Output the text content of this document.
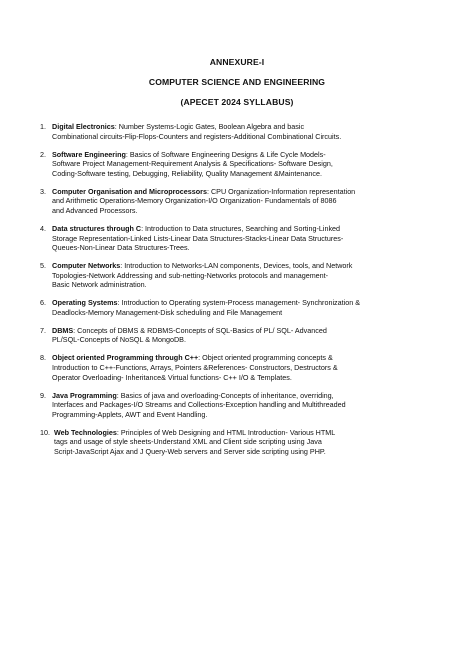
ANNEXURE-I
COMPUTER SCIENCE AND ENGINEERING
(APECET 2024 SYLLABUS)
1. Digital Electronics: Number Systems-Logic Gates, Boolean Algebra and basic
Combinational circuits-Flip-Flops-Counters and registers-Additional Combinational Circuits.
2. Software Engineering: Basics of Software Engineering Designs & Life Cycle Models-
Software Project Management-Requirement Analysis & Specifications- Software Design,
Coding-Software testing, Debugging, Reliability, Quality Management &Maintenance.
3. Computer Organisation and Microprocessors: CPU Organization-Information representation
and Arithmetic Operations-Memory Organization-I/O Organization- Fundamentals of 8086
and Advanced Processors.
4. Data structures through C: Introduction to Data structures, Searching and Sorting-Linked
Storage Representation-Linked Lists-Linear Data Structures-Stacks-Linear Data Structures-
Queues-Non-Linear Data Structures-Trees.
5. Computer Networks: Introduction to Networks-LAN components, Devices, tools, and Network
Topologies-Network Addressing and sub-netting-Networks protocols and management-
Basic Network administration.
6. Operating Systems: Introduction to Operating system-Process management- Synchronization &
Deadlocks-Memory Management-Disk scheduling and File Management
7. DBMS: Concepts of DBMS & RDBMS-Concepts of SQL-Basics of PL/ SQL- Advanced
PL/SQL-Concepts of NoSQL & MongoDB.
8. Object oriented Programming through C++: Object oriented programming concepts &
Introduction to C++-Functions, Arrays, Pointers &References- Constructors, Destructors &
Operator Overloading- Inheritance& Virtual functions- C++ I/O & Templates.
9. Java Programming: Basics of java and overloading-Concepts of inheritance, overriding,
Interfaces and Packages-I/O Streams and Collections-Exception handling and Multithreaded
Programming-Applets, AWT and Event Handling.
10. Web Technologies: Principles of Web Designing and HTML Introduction- Various HTML
tags and usage of style sheets-Understand XML and Client side scripting using Java
Script-JavaScript Ajax and J Query-Web servers and Server side scripting using PHP.
